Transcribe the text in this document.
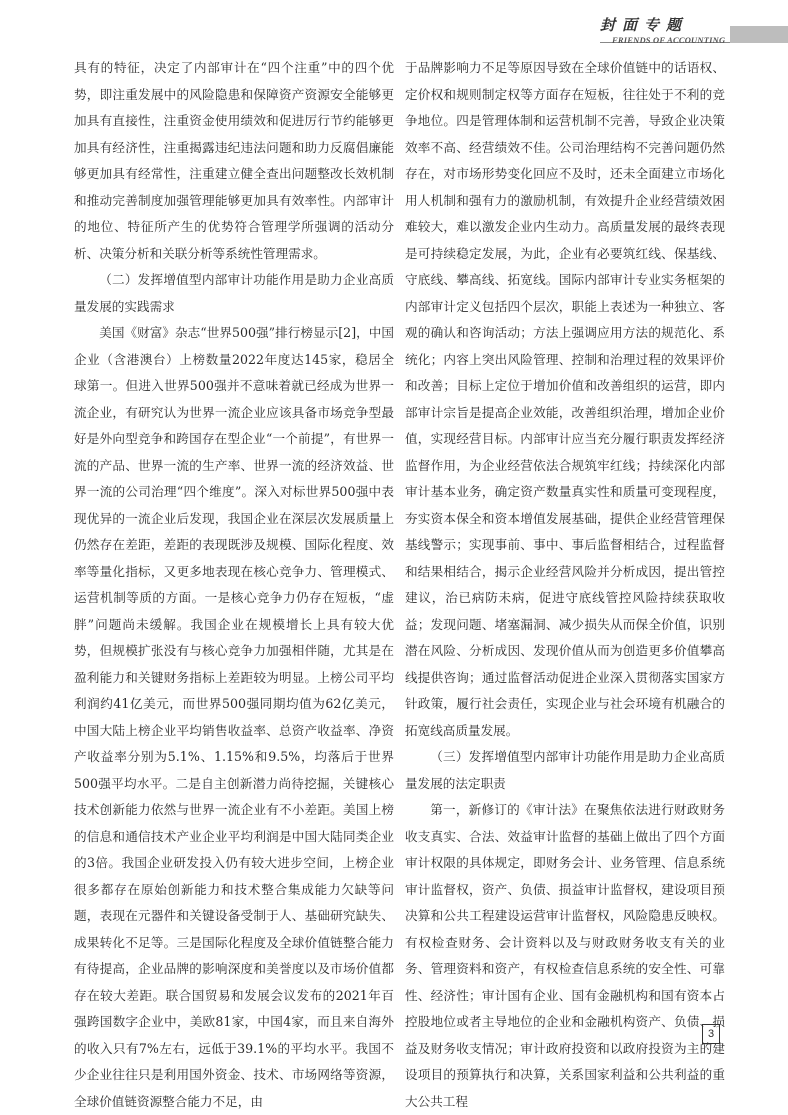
封面专题
FRIENDS OF ACCOUNTING

具有的特征，决定了内部审计在“四个注重”中的四个优势，即注重发展中的风险隐患和保障资产资源安全能够更加具有直接性，注重资金使用绩效和促进厉行节约能够更加具有经济性，注重揭露违纪违法问题和助力反腐倡廉能够更加具有经常性，注重建立健全查出问题整改长效机制和推动完善制度加强管理能够更加具有效率性。内部审计的地位、特征所产生的优势符合管理学所强调的活动分析、决策分析和关联分析等系统性管理需求。

（二）发挥增值型内部审计功能作用是助力企业高质量发展的实践需求

美国《财富》杂志“世界500强”排行榜显示[2]，中国企业（含港澳台）上榜数量2022年度达145家，稳居全球第一。但进入世界500强并不意味着就已经成为世界一流企业，有研究认为世界一流企业应该具备市场竞争型最好是外向型竞争和跨国存在型企业“一个前提”，有世界一流的产品、世界一流的生产率、世界一流的经济效益、世界一流的公司治理“四个维度”。深入对标世界500强中表现优异的一流企业后发现，我国企业在深层次发展质量上仍然存在差距，差距的表现既涉及规模、国际化程度、效率等量化指标，又更多地表现在核心竞争力、管理模式、运营机制等质的方面。一是核心竞争力仍存在短板，“虚胖”问题尚未缓解。我国企业在规模增长上具有较大优势，但规模扩张没有与核心竞争力加强相伴随，尤其是在盈利能力和关键财务指标上差距较为明显。上榜公司平均利润约41亿美元，而世界500强同期均值为62亿美元，中国大陆上榜企业平均销售收益率、总资产收益率、净资产收益率分别为5.1%、1.15%和9.5%，均落后于世界500强平均水平。二是自主创新潜力尚待挖掘，关键核心技术创新能力依然与世界一流企业有不小差距。美国上榜的信息和通信技术产业企业平均利润是中国大陆同类企业的3倍。我国企业研发投入仍有较大进步空间，上榜企业很多都存在原始创新能力和技术整合集成能力欠缺等问题，表现在元器件和关键设备受制于人、基础研究缺失、成果转化不足等。三是国际化程度及全球价值链整合能力有待提高，企业品牌的影响深度和美誉度以及市场价值都存在较大差距。联合国贸易和发展会议发布的2021年百强跨国数字企业中，美欧81家，中国4家，而且来自海外的收入只有7%左右，远低于39.1%的平均水平。我国不少企业往往只是利用国外资金、技术、市场网络等资源，全球价值链资源整合能力不足，由

于品牌影响力不足等原因导致在全球价值链中的话语权、定价权和规则制定权等方面存在短板，往往处于不利的竞争地位。四是管理体制和运营机制不完善，导致企业决策效率不高、经营绩效不佳。公司治理结构不完善问题仍然存在，对市场形势变化回应不及时，还未全面建立市场化用人机制和强有力的激励机制，有效提升企业经营绩效困难较大，难以激发企业内生动力。高质量发展的最终表现是可持续稳定发展，为此，企业有必要筑红线、保基线、守底线、攀高线、拓宽线。国际内部审计专业实务框架的内部审计定义包括四个层次，职能上表述为一种独立、客观的确认和咨询活动；方法上强调应用方法的规范化、系统化；内容上突出风险管理、控制和治理过程的效果评价和改善；目标上定位于增加价值和改善组织的运营，即内部审计宗旨是提高企业效能，改善组织治理，增加企业价值，实现经营目标。内部审计应当充分履行职责发挥经济监督作用，为企业经营依法合规筑牢红线；持续深化内部审计基本业务，确定资产数量真实性和质量可变现程度，夯实资本保全和资本增值发展基础，提供企业经营管理保基线警示；实现事前、事中、事后监督相结合，过程监督和结果相结合，揭示企业经营风险并分析成因，提出管控建议，治已病防未病，促进守底线管控风险持续获取收益；发现问题、堵塞漏洞、减少损失从而保全价值，识别潜在风险、分析成因、发现价值从而为创造更多价值攀高线提供咨询；通过监督活动促进企业深入贯彻落实国家方针政策，履行社会责任，实现企业与社会环境有机融合的拓宽线高质量发展。

（三）发挥增值型内部审计功能作用是助力企业高质量发展的法定职责

第一，新修订的《审计法》在聚焦依法进行财政财务收支真实、合法、效益审计监督的基础上做出了四个方面审计权限的具体规定，即财务会计、业务管理、信息系统审计监督权，资产、负债、损益审计监督权，建设项目预决算和公共工程建设运营审计监督权，风险隐患反映权。有权检查财务、会计资料以及与财政财务收支有关的业务、管理资料和资产，有权检查信息系统的安全性、可靠性、经济性；审计国有企业、国有金融机构和国有资本占控股地位或者主导地位的企业和金融机构资产、负债、损益及财务收支情况；审计政府投资和以政府投资为主的建设项目的预算执行和决算，关系国家利益和公共利益的重大公共工程

3
